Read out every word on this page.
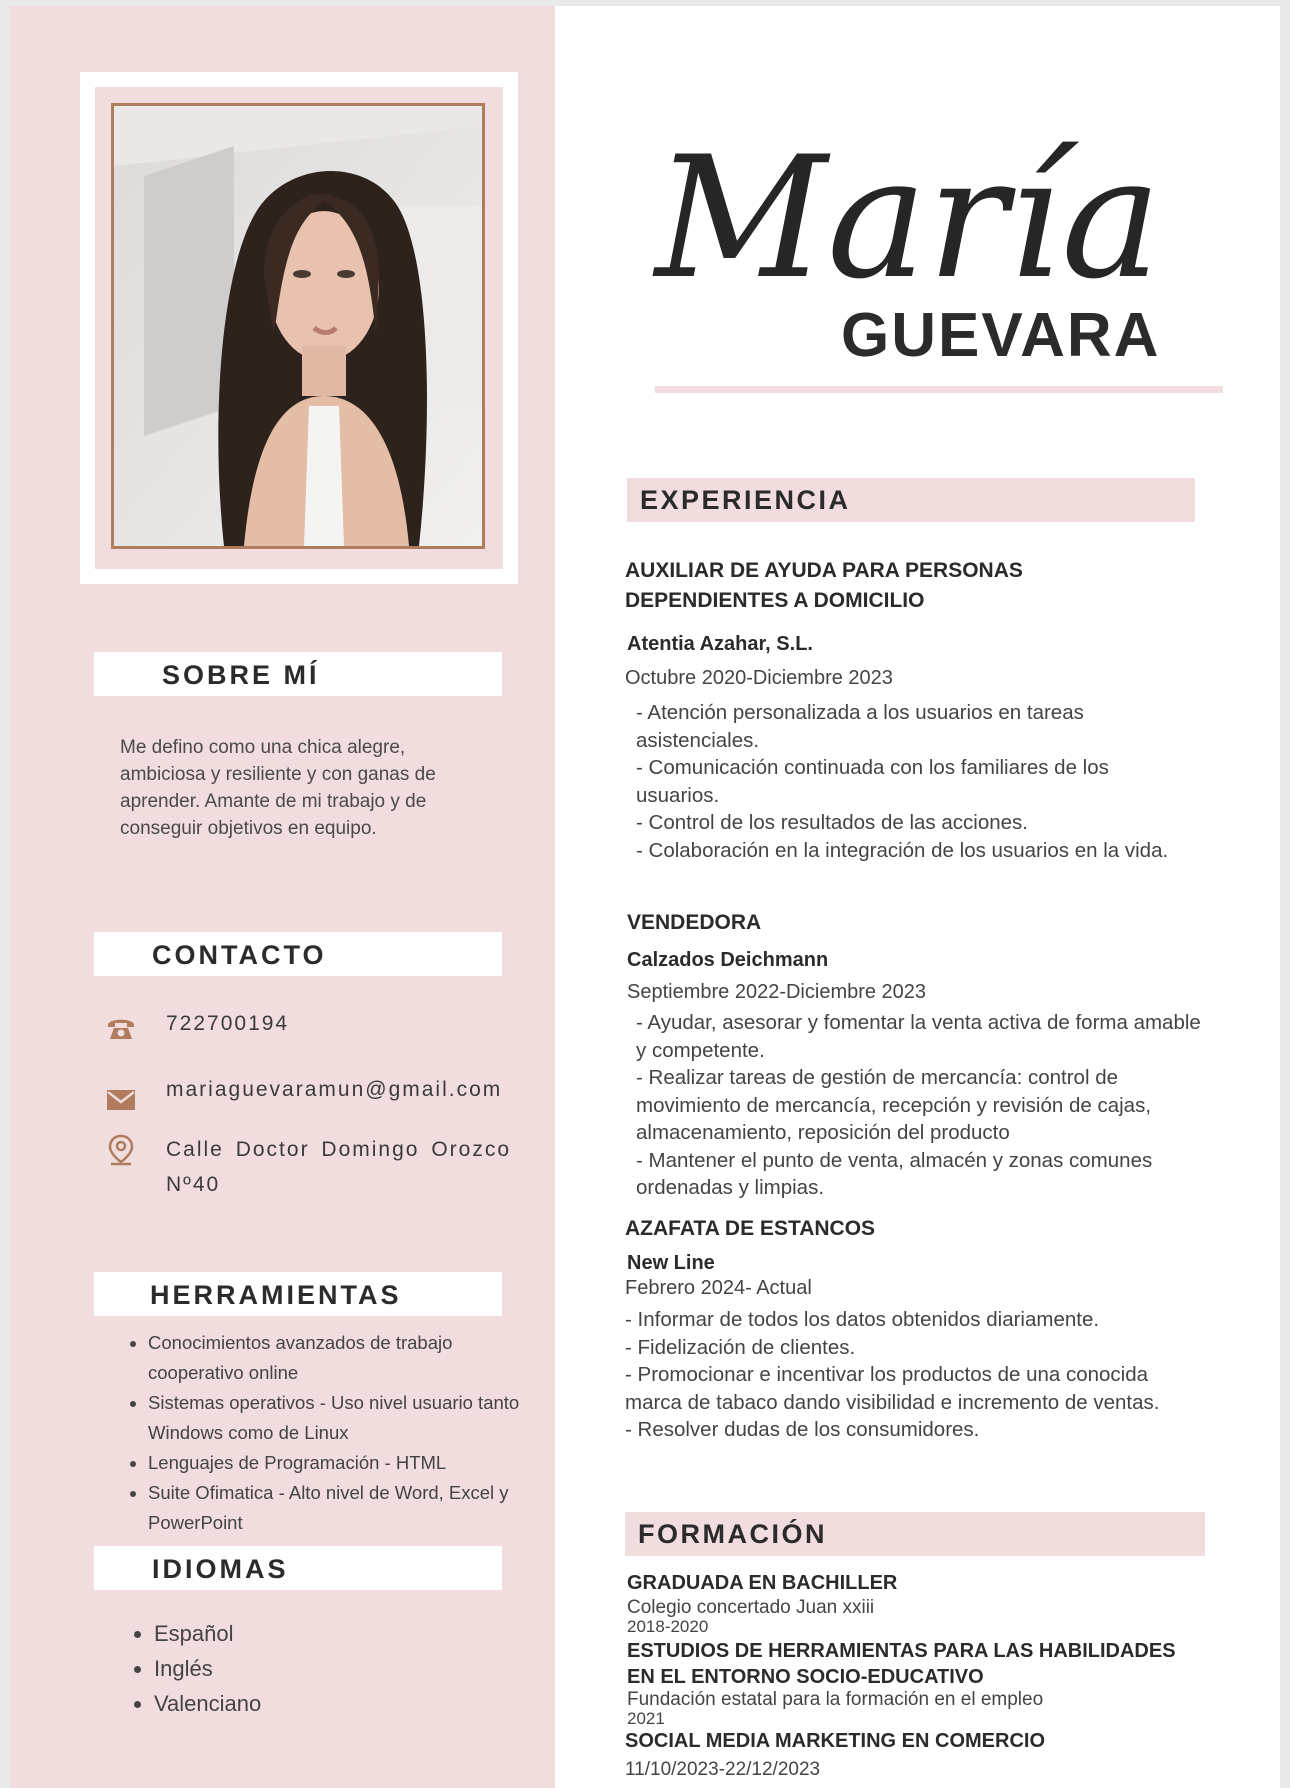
SOBRE MÍ

Me defino como una chica alegre, ambiciosa y resiliente y con ganas de aprender. Amante de mi trabajo y de conseguir objetivos en equipo.

CONTACTO
722700194
mariaguevaramun@gmail.com
Calle Doctor Domingo Orozco Nº40
HERRAMIENTAS
• Conocimientos avanzados de trabajo cooperativo online
• Sistemas operativos - Uso nivel usuario tanto Windows como de Linux
• Lenguajes de Programación - HTML
• Suite Ofimatica - Alto nivel de Word, Excel y PowerPoint
IDIOMAS
• Español
• Inglés
• Valenciano
María
GUEVARA
EXPERIENCIA
AUXILIAR DE AYUDA PARA PERSONAS
DEPENDIENTES A DOMICILIO
Atentia Azahar, S.L.
Octubre 2020-Diciembre 2023
- Atención personalizada a los usuarios en tareas asistenciales.
- Comunicación continuada con los familiares de los usuarios.
- Control de los resultados de las acciones.
- Colaboración en la integración de los usuarios en la vida.
VENDEDORA
Calzados Deichmann
Septiembre 2022-Diciembre 2023
- Ayudar, asesorar y fomentar la venta activa de forma amable y competente.
- Realizar tareas de gestión de mercancía: control de movimiento de mercancía, recepción y revisión de cajas, almacenamiento, reposición del producto
- Mantener el punto de venta, almacén y zonas comunes ordenadas y limpias.
AZAFATA DE ESTANCOS
New Line
Febrero 2024- Actual
- Informar de todos los datos obtenidos diariamente.
- Fidelización de clientes.
- Promocionar e incentivar los productos de una conocida marca de tabaco dando visibilidad e incremento de ventas.
- Resolver dudas de los consumidores.
FORMACIÓN
GRADUADA EN BACHILLER
Colegio concertado Juan xxiii
2018-2020
ESTUDIOS DE HERRAMIENTAS PARA LAS HABILIDADES EN EL ENTORNO SOCIO-EDUCATIVO
Fundación estatal para la formación en el empleo
2021
SOCIAL MEDIA MARKETING EN COMERCIO
11/10/2023-22/12/2023
